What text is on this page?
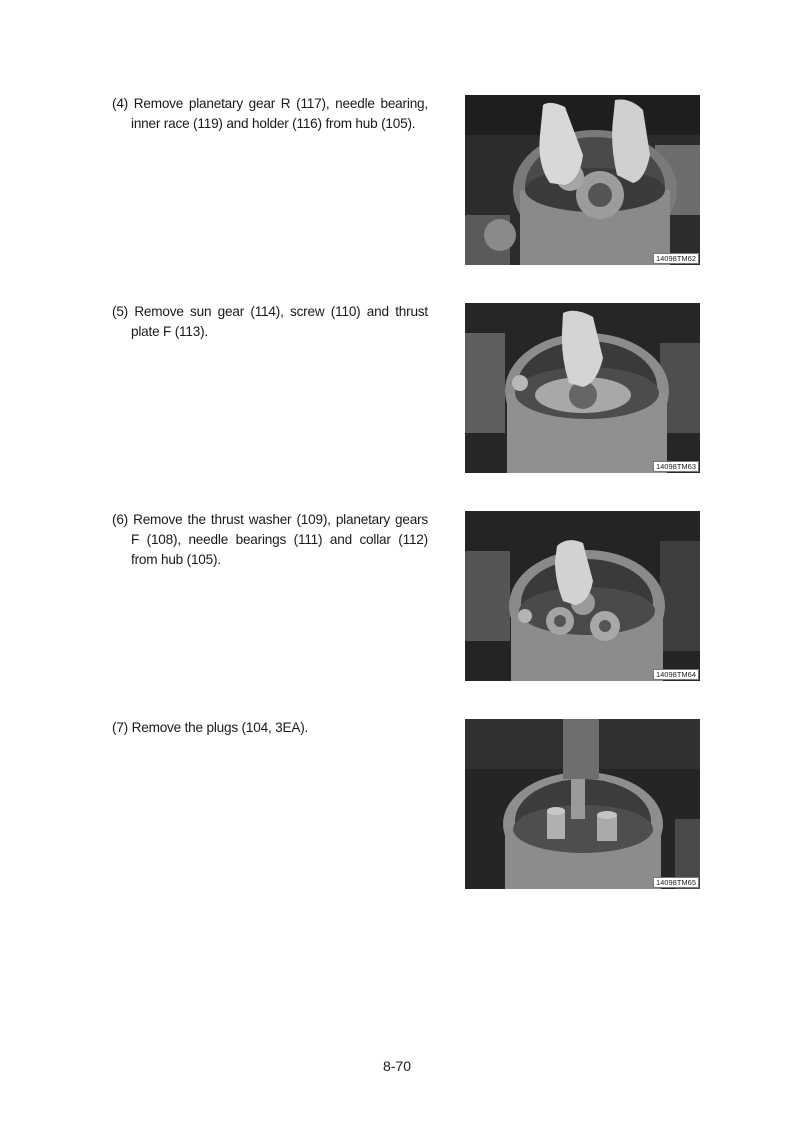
(4) Remove planetary gear R (117), needle bearing, inner race (119) and holder (116) from hub (105).
14098TM62
(5) Remove sun gear (114), screw (110) and thrust plate F (113).
14098TM63
(6) Remove the thrust washer (109), planetary gears F (108), needle bearings (111) and collar (112) from hub (105).
14098TM64
(7) Remove the plugs (104, 3EA).
14098TM65
8-70
